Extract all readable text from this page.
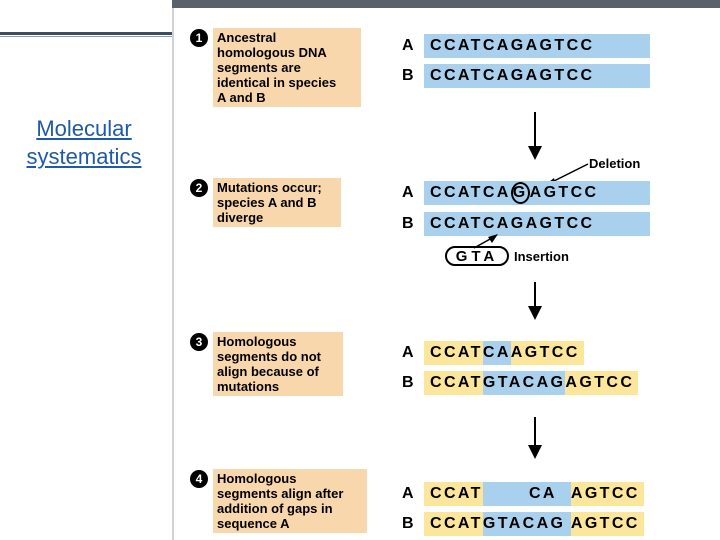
Molecular
systematics
1	Ancestral
homologous DNA
segments are
identical in species
A and B
2	Mutations occur;
species A and B
diverge
3	Homologous
segments do not
align because of
mutations
4	Homologous
segments align after
addition of gaps in
sequence A
A	CCATCAGAGTCC
B	CCATCAGAGTCC
Deletion
A	CCATCA G AGTCC
B	CCATCAGAGTCC
GTA	Insertion
A	CCAT CA AGTCC
B	CCAT GTACAG AGTCC
A	CCAT	CA AGTCC
B	CCAT GTACAG AGTCC
